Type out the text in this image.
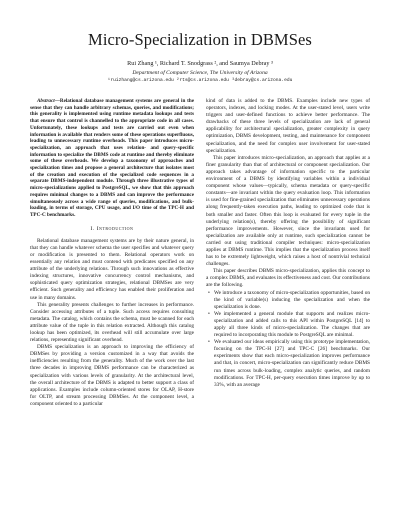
Micro-Specialization in DBMSes
Rui Zhang ¹, Richard T. Snodgrass ², and Saumya Debray ³
Department of Computer Science, The University of Arizona
¹ruizhang@cs.arizona.edu ²rts@cs.arizona.edu ³debray@cs.arizona.edu
Abstract—Relational database management systems are general in the sense that they can handle arbitrary schemas, queries, and modifications; this generality is implemented using runtime metadata lookups and tests that ensure that control is channelled to the appropriate code in all cases. Unfortunately, these lookups and tests are carried out even when information is available that renders some of these operations superfluous, leading to unnecessary runtime overheads. This paper introduces micro-specialization, an approach that uses relation- and query-specific information to specialize the DBMS code at runtime and thereby eliminate some of these overheads. We develop a taxonomy of approaches and specialization times and propose a general architecture that isolates most of the creation and execution of the specialized code sequences in a separate DBMS-independent module. Through three illustrative types of micro-specializations applied to PostgreSQL, we show that this approach requires minimal changes to a DBMS and can improve the performance simultaneously across a wide range of queries, modifications, and bulk-loading, in terms of storage, CPU usage, and I/O time of the TPC-H and TPC-C benchmarks.
I. Introduction

Relational database management systems are by their nature general, in that they can handle whatever schema the user specifies and whatever query or modification is presented to them. Relational operators work on essentially any relation and must contend with predicates specified on any attribute of the underlying relations. Through such innovations as effective indexing structures, innovative concurrency control mechanisms, and sophisticated query optimization strategies, relational DBMSes are very efficient. Such generality and efficiency has enabled their proliferation and use in many domains.

This generality presents challenges to further increases in performance. Consider accessing attributes of a tuple. Such access requires consulting metadata. The catalog, which contains the schema, must be scanned for each attribute value of the tuple in this relation extracted. Although this catalog lookup has been optimized, its overhead will still accumulate over large relations, representing significant overhead.

DBMS specialization is an approach to improving the efficiency of DBMSes by providing a version customized in a way that avoids the inefficiencies resulting from the generality. Much of the work over the last three decades in improving DBMS performance can be characterized as specialization with various levels of granularity. At the architectural level, the overall architecture of the DBMS is adapted to better support a class of applications. Examples include column-oriented stores for OLAP, H-store for OLTP, and stream processing DBMSes. At the component level, a component oriented to a particular

kind of data is added to the DBMS. Examples include new types of operators, indexes, and locking modes. At the user-stated level, users write triggers and user-defined functions to achieve better performance. The drawbacks of these three levels of specialization are lack of general applicability for architectural specialization, greater complexity in query optimization, DBMS development, testing, and maintenance for component specialization, and the need for complex user involvement for user-stated specialization.

This paper introduces micro-specialization, an approach that applies at a finer granularity than that of architectural or component specialization. Our approach takes advantage of information specific to the particular environment of a DBMS by identifying variables within a individual component whose values—typically, schema metadata or query-specific constants—are invariant within the query evaluation loop. This information is used for fine-grained specialization that eliminates unnecessary operations along frequently-taken execution paths, leading to optimized code that is both smaller and faster. Often this loop is evaluated for every tuple in the underlying relation(s), thereby offering the possibility of significant performance improvements. However, since the invariants used for specialization are available only at runtime, such specialization cannot be carried out using traditional compiler techniques: micro-specialization applies at DBMS runtime. This implies that the specialization process itself has to be extremely lightweight, which raises a host of nontrivial technical challenges.

This paper describes DBMS micro-specialization, applies this concept to a complex DBMS, and evaluates its effectiveness and cost. Our contributions are the following.

• We introduce a taxonomy of micro-specialization opportunities, based on the kind of variable(s) inducing the specialization and when the specialization is done.
• We implemented a general module that supports and realizes micro-specialization and added calls to this API within PostgreSQL [14] to apply all three kinds of micro-specialization. The changes that are required to incorporating this module to PostgreSQL are minimal.
• We evaluated our ideas empirically using this prototype implementation, focusing on the TPC-H [27] and TPC-C [26] benchmarks. Our experiments show that each micro-specialization improves performance and that, in concert, micro-specialization can significantly reduce DBMS run times across bulk-loading, complex analytic queries, and random modifications. For TPC-H, per-query execution times improve by up to 33%, with an average
